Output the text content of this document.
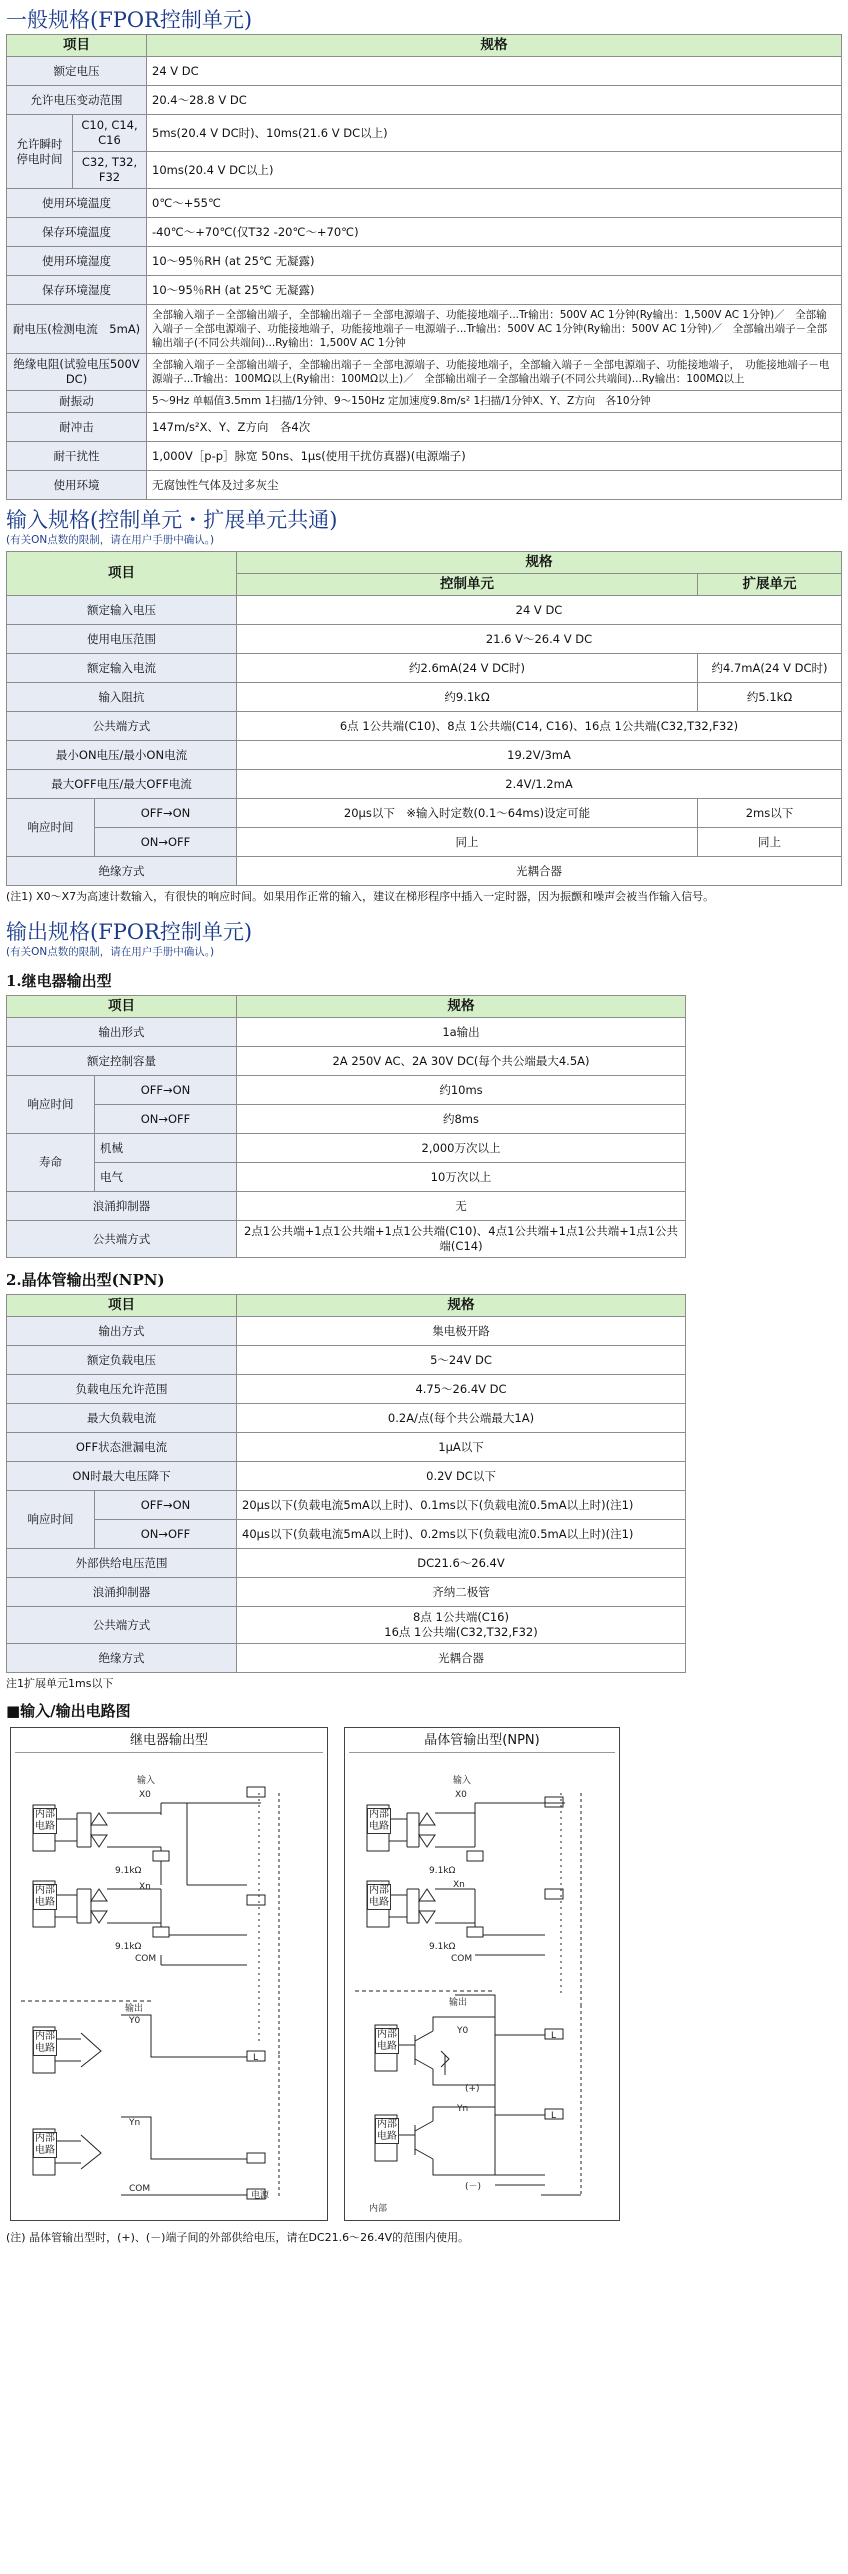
一般规格(FPOR控制单元)
项目		规格
额定电压		24 V DC
允许电压变动范围		20.4～28.8 V DC
允许瞬时停电时间	C10, C14, C16	5ms(20.4 V DC时)、10ms(21.6 V DC以上)
	C32, T32, F32	10ms(20.4 V DC以上)
使用环境温度		0℃～+55℃
保存环境温度		-40℃～+70℃(仅T32 -20℃～+70℃)
使用环境湿度		10～95％RH (at 25℃ 无凝露)
保存环境湿度		10～95％RH (at 25℃ 无凝露)
耐电压(检测电流　5mA)		全部输入端子－全部输出端子，全部输出端子－全部电源端子、功能接地端子...Tr输出：500V AC 1分钟(Ry输出：1,500V AC 1分钟)／　全部输入端子－全部电源端子、功能接地端子，功能接地端子－电源端子...Tr输出：500V AC 1分钟(Ry输出：500V AC 1分钟)／　全部输出端子－全部输出端子(不同公共端间)...Ry输出：1,500V AC 1分钟
绝缘电阻(试验电压500V DC)		全部输入端子－全部输出端子，全部输出端子－全部电源端子、功能接地端子，全部输入端子－全部电源端子、功能接地端子，　功能接地端子－电源端子...Tr输出：100MΩ以上(Ry输出：100MΩ以上)／　全部输出端子－全部输出端子(不同公共端间)...Ry输出：100MΩ以上
耐振动		5～9Hz 单幅值3.5mm 1扫描/1分钟、9～150Hz 定加速度9.8m/s² 1扫描/1分钟X、Y、Z方向　各10分钟
耐冲击		147m/s²X、Y、Z方向　各4次
耐干扰性		1,000V［p-p］脉宽 50ns、1μs(使用干扰仿真器)(电源端子)
使用环境		无腐蚀性气体及过多灰尘
输入规格(控制单元・扩展单元共通)
(有关ON点数的限制，请在用户手册中确认。)
项目		规格	
		控制单元	扩展单元
额定输入电压		24 V DC	
使用电压范围		21.6 V～26.4 V DC	
额定输入电流		约2.6mA(24 V DC时)	约4.7mA(24 V DC时)
输入阻抗		约9.1kΩ	约5.1kΩ
公共端方式		6点 1公共端(C10)、8点 1公共端(C14, C16)、16点 1公共端(C32,T32,F32)	
最小ON电压/最小ON电流		19.2V/3mA	
最大OFF电压/最大OFF电流		2.4V/1.2mA	
响应时间	OFF→ON	20μs以下　※输入时定数(0.1～64ms)设定可能	2ms以下
	ON→OFF	同上	同上
绝缘方式		光耦合器	
(注1) X0～X7为高速计数输入，有很快的响应时间。如果用作正常的输入，建议在梯形程序中插入一定时器，因为振颤和噪声会被当作输入信号。
输出规格(FPOR控制单元)
(有关ON点数的限制，请在用户手册中确认。)
1.继电器输出型
项目		规格
输出形式		1a输出
额定控制容量		2A 250V AC、2A 30V DC(每个共公端最大4.5A)
响应时间	OFF→ON	约10ms
	ON→OFF	约8ms
寿命	机械	2,000万次以上
	电气	10万次以上
浪涌抑制器		无
公共端方式		2点1公共端+1点1公共端+1点1公共端(C10)、4点1公共端+1点1公共端+1点1公共端(C14)
2.晶体管输出型(NPN)
项目		规格
输出方式		集电极开路
额定负载电压		5～24V DC
负载电压允许范围		4.75～26.4V DC
最大负载电流		0.2A/点(每个共公端最大1A)
OFF状态泄漏电流		1μA以下
ON时最大电压降下		0.2V DC以下
响应时间	OFF→ON	20μs以下(负载电流5mA以上时)、0.1ms以下(负载电流0.5mA以上时)(注1)
	ON→OFF	40μs以下(负载电流5mA以上时)、0.2ms以下(负载电流0.5mA以上时)(注1)
外部供给电压范围		DC21.6～26.4V
浪涌抑制器		齐纳二极管
公共端方式		8点 1公共端(C16)
16点 1公共端(C32,T32,F32)
绝缘方式		光耦合器
注1扩展单元1ms以下
■输入/输出电路图
继电器输出型
输入
X0
Xn
COM
9.1kΩ
9.1kΩ
输出
Y0
Yn
COM
L
电源
内部电路
内部电路
内部电路
内部电路
晶体管输出型(NPN)
输入
X0
Xn
COM
9.1kΩ
9.1kΩ
输出
Y0
Yn
(+)
(－)
L
L
内部
内部电路
内部电路
内部电路
内部电路
(注) 晶体管输出型时，(+)、(－)端子间的外部供给电压，请在DC21.6～26.4V的范围内使用。
